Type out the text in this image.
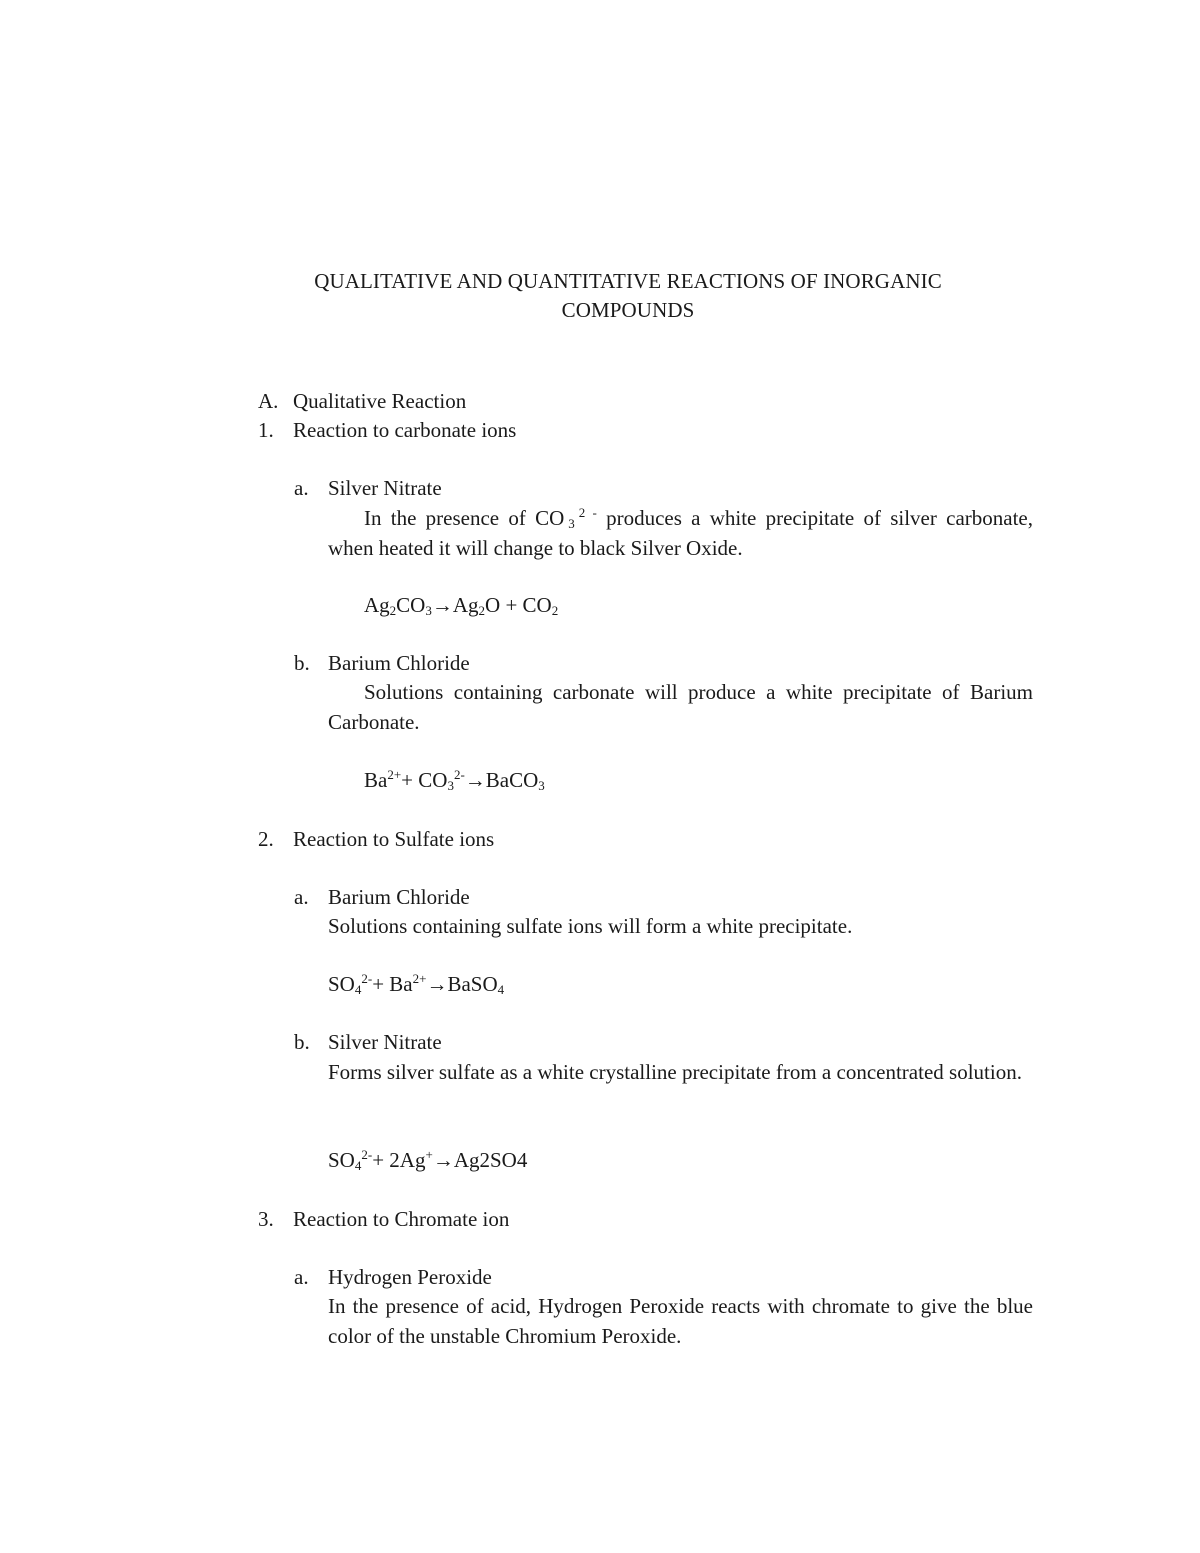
QUALITATIVE AND QUANTITATIVE REACTIONS OF INORGANIC
COMPOUNDS
A. Qualitative Reaction
1. Reaction to carbonate ions
a. Silver Nitrate
In the presence of CO $_3^{2 -}$ produces a white precipitate of silver carbonate, when heated it will change to black Silver Oxide.
$Ag_2CO_3\to Ag_2O + CO_2$
b. Barium Chloride
Solutions containing carbonate will produce a white precipitate of Barium Carbonate.
$Ba^{2+}+$ $CO_3^{2-}\to BaCO_3$
2. Reaction to Sulfate ions
a. Barium Chloride
Solutions containing sulfate ions will form a white precipitate.
$SO_4^{2-}+$ $Ba^{2+}\to BaSO_4$
b. Silver Nitrate
Forms silver sulfate as a white crystalline precipitate from a concentrated solution.
$SO_4^{2-}+ 2Ag^+\to Ag2SO4$
3. Reaction to Chromate ion
a. Hydrogen Peroxide
In the presence of acid, Hydrogen Peroxide reacts with chromate to give the blue color of the unstable Chromium Peroxide.
